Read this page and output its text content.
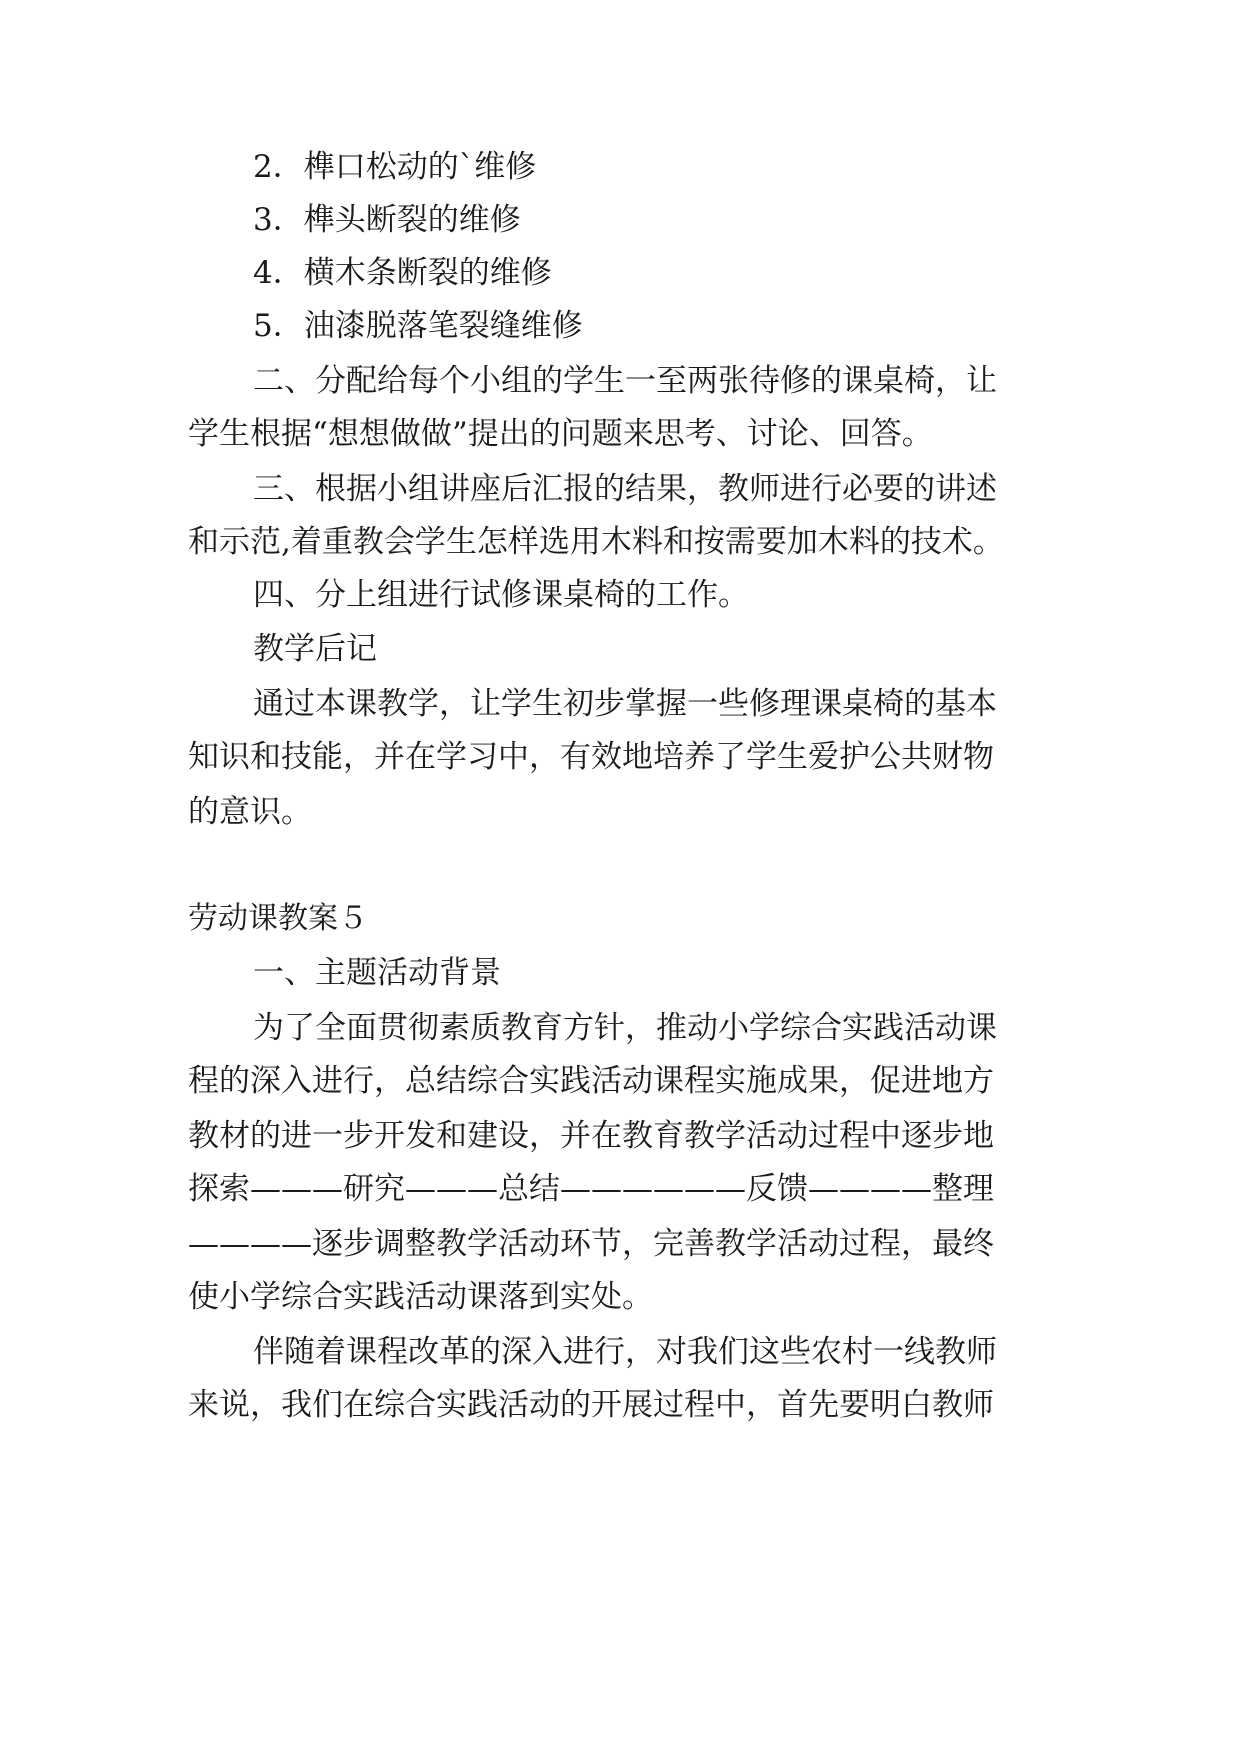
2．榫口松动的`维修
3．榫头断裂的维修
4．横木条断裂的维修
5．油漆脱落笔裂缝维修
二、分配给每个小组的学生一至两张待修的课桌椅，让
学生根据“想想做做”提出的问题来思考、讨论、回答。
三、根据小组讲座后汇报的结果，教师进行必要的讲述
和示范,着重教会学生怎样选用木料和按需要加木料的技术。
四、分上组进行试修课桌椅的工作。
教学后记
通过本课教学，让学生初步掌握一些修理课桌椅的基本
知识和技能，并在学习中，有效地培养了学生爱护公共财物
的意识。
劳动课教案５
一、主题活动背景
为了全面贯彻素质教育方针，推动小学综合实践活动课
程的深入进行，总结综合实践活动课程实施成果，促进地方
教材的进一步开发和建设，并在教育教学活动过程中逐步地
探索———研究———总结——————反馈————整理
————逐步调整教学活动环节，完善教学活动过程，最终
使小学综合实践活动课落到实处。
伴随着课程改革的深入进行，对我们这些农村一线教师
来说，我们在综合实践活动的开展过程中，首先要明白教师
